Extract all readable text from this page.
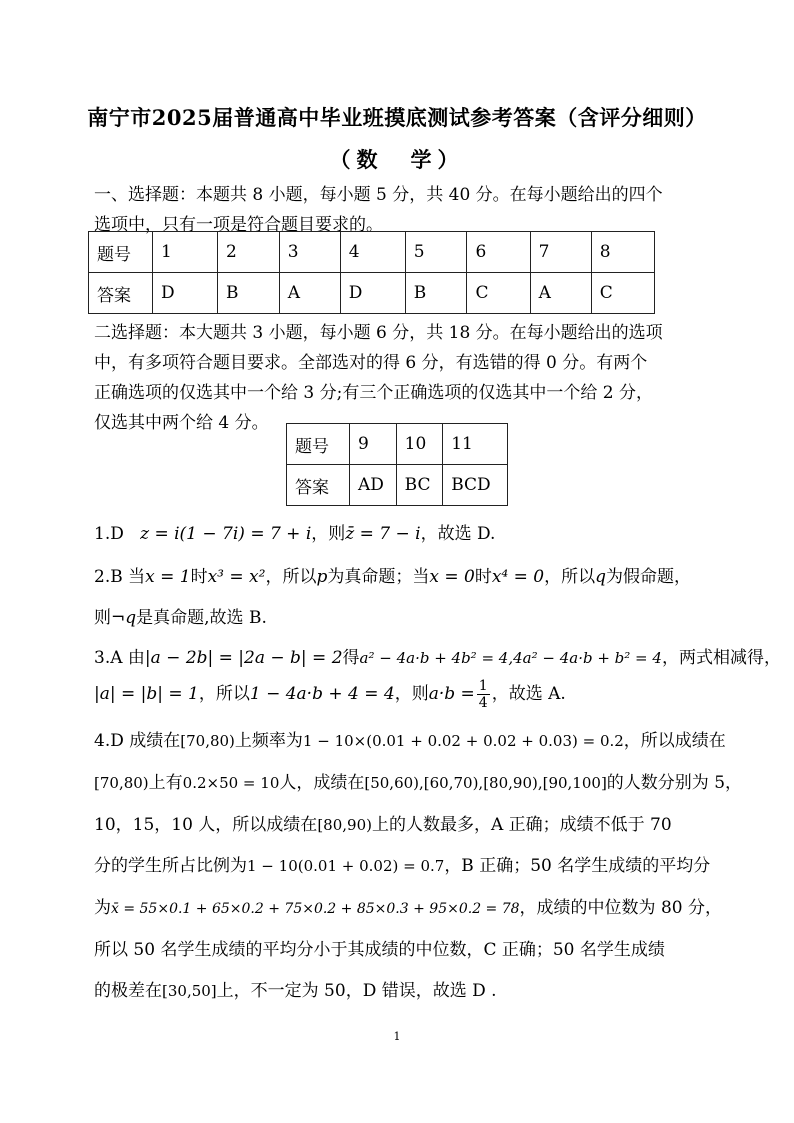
南宁市2025届普通高中毕业班摸底测试参考答案（含评分细则）
（数　学）
一、选择题：本题共 8 小题，每小题 5 分，共 40 分。在每小题给出的四个
选项中，只有一项是符合题目要求的。
题号	1	2	3	4	5	6	7	8
答案	D	B	A	D	B	C	A	C
二选择题：本大题共 3 小题，每小题 6 分，共 18 分。在每小题给出的选项
中，有多项符合题目要求。全部选对的得 6 分，有选错的得 0 分。有两个
正确选项的仅选其中一个给 3 分;有三个正确选项的仅选其中一个给 2 分，
仅选其中两个给 4 分。
题号	9	10	11
答案	AD	BC	BCD
1.D z = i(1 − 7i) = 7 + i，则z̄ = 7 − i，故选 D.
2.B 当x = 1时x³ = x²，所以p为真命题；当x = 0时x⁴ = 0，所以q为假命题，
则¬q是真命题,故选 B.
3.A 由|a − 2b| = |2a − b| = 2得a² − 4a·b + 4b² = 4,4a² − 4a·b + b² = 4，两式相减得，
|a| = |b| = 1，所以1 − 4a·b + 4 = 4，则$a\cdot b = \frac{1}{4}$ ，故选 A.
4.D 成绩在[70,80)上频率为1 − 10×(0.01 + 0.02 + 0.02 + 0.03) = 0.2，所以成绩在
[70,80)上有0.2×50 = 10人，成绩在[50,60),[60,70),[80,90),[90,100]的人数分别为 5，
10，15，10 人，所以成绩在[80,90)上的人数最多，A 正确；成绩不低于 70
分的学生所占比例为1 − 10(0.01 + 0.02) = 0.7，B 正确；50 名学生成绩的平均分
为x̄ = 55×0.1 + 65×0.2 + 75×0.2 + 85×0.3 + 95×0.2 = 78，成绩的中位数为 80 分，
所以 50 名学生成绩的平均分小于其成绩的中位数，C 正确；50 名学生成绩
的极差在[30,50]上，不一定为 50，D 错误，故选 D .
1
